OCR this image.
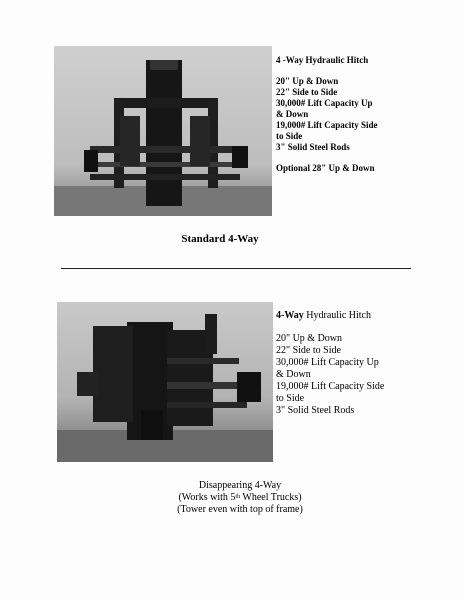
4 -Way Hydraulic Hitch
20" Up & Down
22" Side to Side
30,000# Lift Capacity Up
& Down
19,000# Lift Capacity Side
to Side
3" Solid Steel Rods
Optional 28" Up & Down
Standard 4-Way
4-Way Hydraulic Hitch
20" Up & Down
22" Side to Side
30,000# Lift Capacity Up
& Down
19,000# Lift Capacity Side
to Side
3" Solid Steel Rods
Disappearing 4-Way
(Works with 5th Wheel Trucks)
(Tower even with top of frame)
